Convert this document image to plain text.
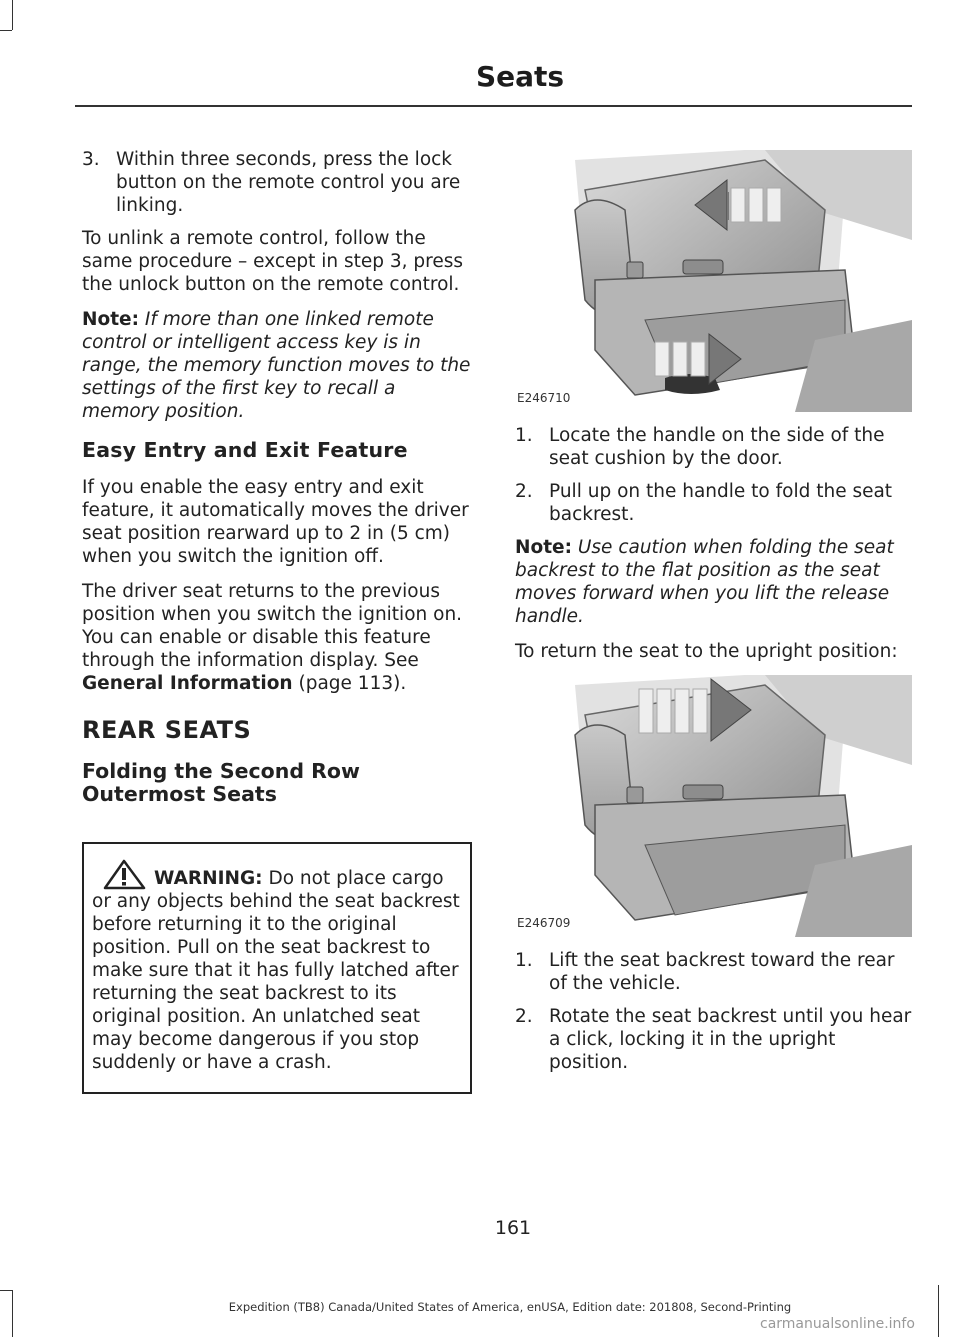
Seats
3. Within three seconds, press the lock button on the remote control you are linking.

To unlink a remote control, follow the same procedure – except in step 3, press the unlock button on the remote control.

Note: If more than one linked remote control or intelligent access key is in range, the memory function moves to the settings of the first key to recall a memory position.

Easy Entry and Exit Feature

If you enable the easy entry and exit feature, it automatically moves the driver seat position rearward up to 2 in (5 cm) when you switch the ignition off.

The driver seat returns to the previous position when you switch the ignition on. You can enable or disable this feature through the information display. See General Information (page 113).

REAR SEATS
Folding the Second Row Outermost Seats
WARNING: Do not place cargo or any objects behind the seat backrest before returning it to the original position. Pull on the seat backrest to make sure that it has fully latched after returning the seat backrest to its original position. An unlatched seat may become dangerous if you stop suddenly or have a crash.
E246710
1. Locate the handle on the side of the seat cushion by the door.
2. Pull up on the handle to fold the seat backrest.

Note: Use caution when folding the seat backrest to the flat position as the seat moves forward when you lift the release handle.

To return the seat to the upright position:

E246709
1. Lift the seat backrest toward the rear of the vehicle.
2. Rotate the seat backrest until you hear a click, locking it in the upright position.
161
Expedition (TB8) Canada/United States of America, enUSA, Edition date: 201808, Second-Printing
carmanualsonline.info
